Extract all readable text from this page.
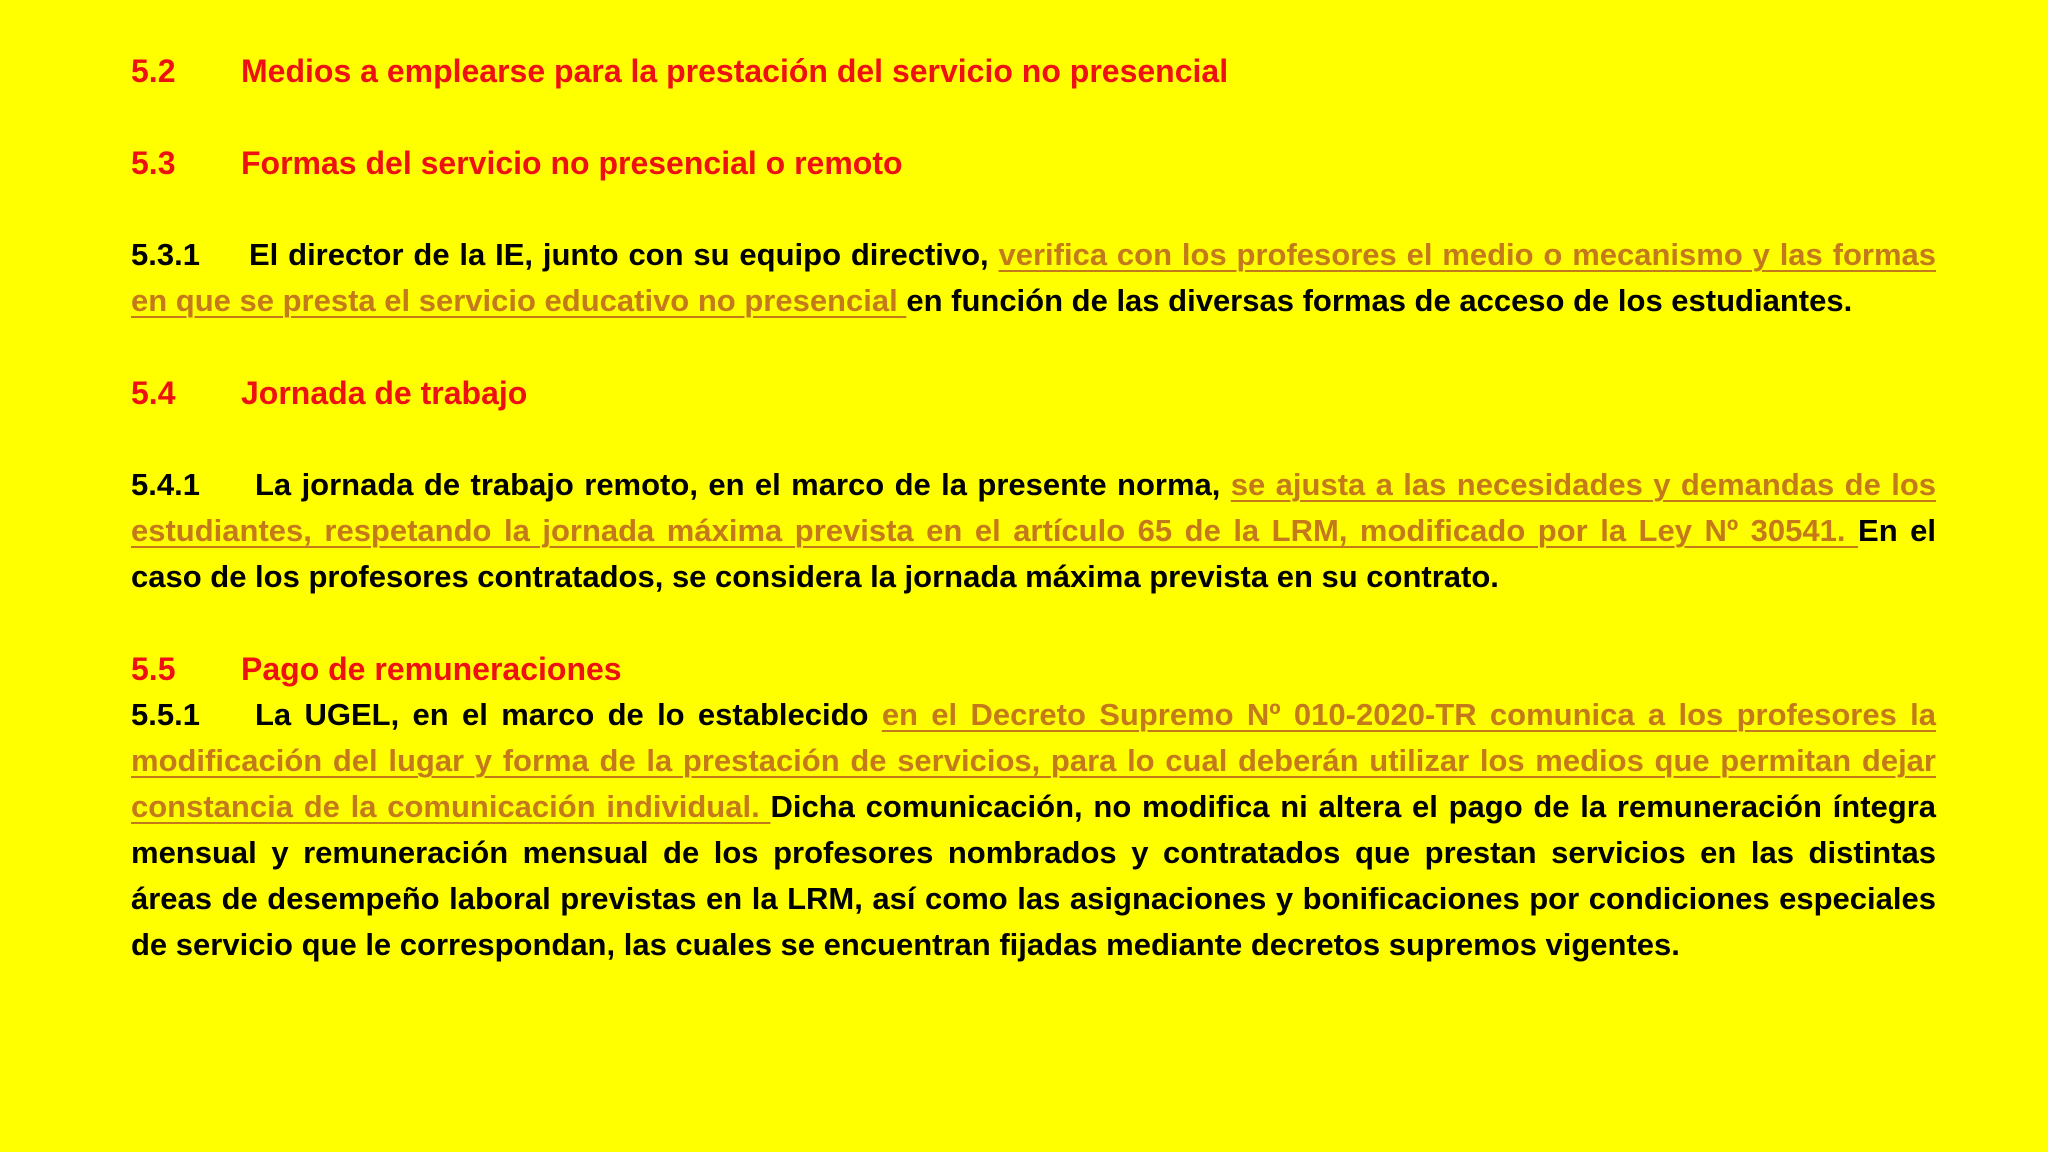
5.2 Medios a emplearse para la prestación del servicio no presencial

5.3 Formas del servicio no presencial o remoto

5.3.1 El director de la IE, junto con su equipo directivo, verifica con los profesores el medio o mecanismo y las formas en que se presta el servicio educativo no presencial en función de las diversas formas de acceso de los estudiantes.

5.4 Jornada de trabajo

5.4.1 La jornada de trabajo remoto, en el marco de la presente norma, se ajusta a las necesidades y demandas de los estudiantes, respetando la jornada máxima prevista en el artículo 65 de la LRM, modificado por la Ley Nº 30541. En el caso de los profesores contratados, se considera la jornada máxima prevista en su contrato.

5.5 Pago de remuneraciones

5.5.1 La UGEL, en el marco de lo establecido en el Decreto Supremo Nº 010-2020-TR comunica a los profesores la modificación del lugar y forma de la prestación de servicios, para lo cual deberán utilizar los medios que permitan dejar constancia de la comunicación individual. Dicha comunicación, no modifica ni altera el pago de la remuneración íntegra mensual y remuneración mensual de los profesores nombrados y contratados que prestan servicios en las distintas áreas de desempeño laboral previstas en la LRM, así como las asignaciones y bonificaciones por condiciones especiales de servicio que le correspondan, las cuales se encuentran fijadas mediante decretos supremos vigentes.
